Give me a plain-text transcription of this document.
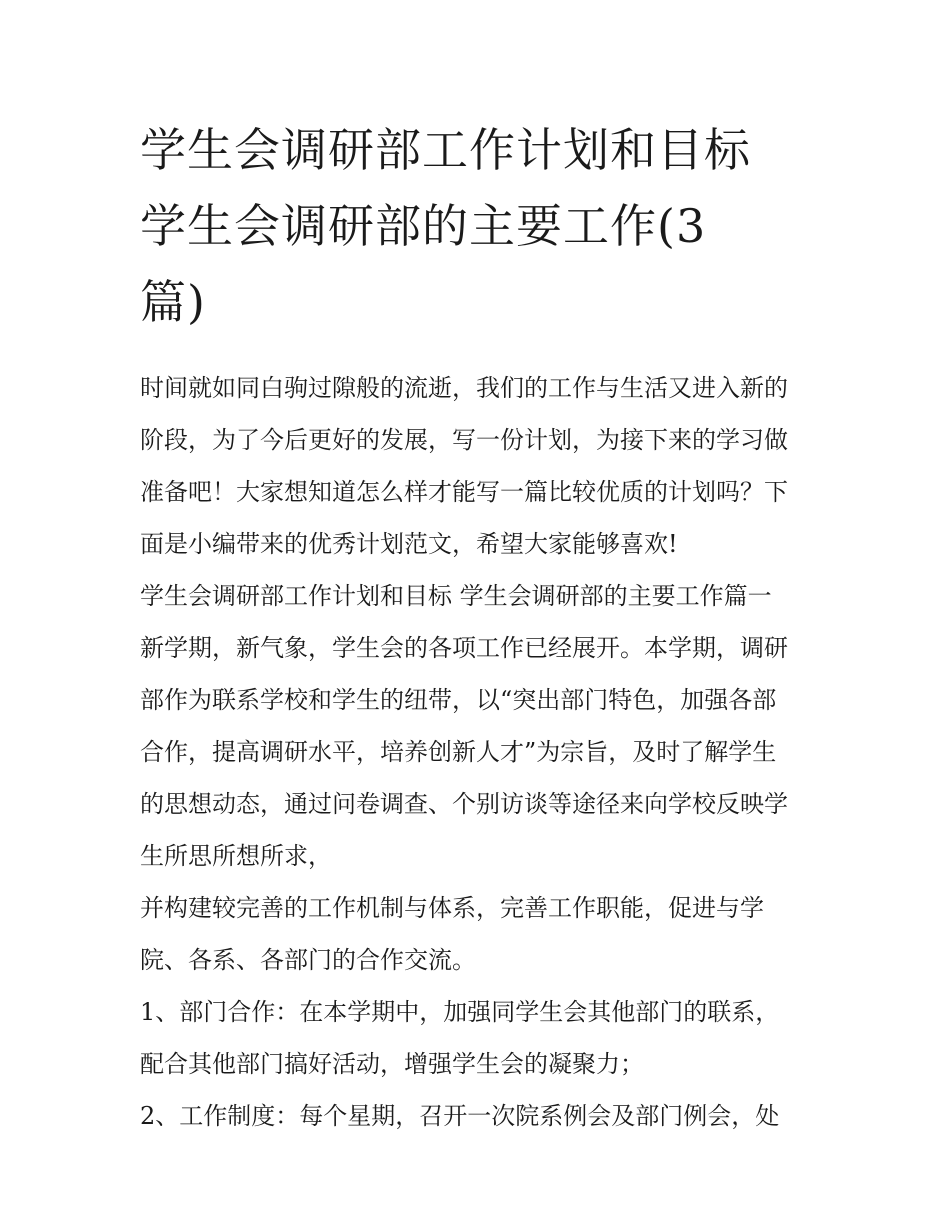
学生会调研部工作计划和目标
学生会调研部的主要工作(3
篇)

时间就如同白驹过隙般的流逝，我们的工作与生活又进入新的
阶段，为了今后更好的发展，写一份计划，为接下来的学习做
准备吧！大家想知道怎么样才能写一篇比较优质的计划吗？下
面是小编带来的优秀计划范文，希望大家能够喜欢!

学生会调研部工作计划和目标 学生会调研部的主要工作篇一

新学期，新气象，学生会的各项工作已经展开。本学期，调研
部作为联系学校和学生的纽带，以“突出部门特色，加强各部
合作，提高调研水平，培养创新人才”为宗旨，及时了解学生
的思想动态，通过问卷调查、个别访谈等途径来向学校反映学
生所思所想所求，

并构建较完善的工作机制与体系，完善工作职能，促进与学
院、各系、各部门的合作交流。

1、部门合作：在本学期中，加强同学生会其他部门的联系，
配合其他部门搞好活动，增强学生会的凝聚力；

2、工作制度：每个星期，召开一次院系例会及部门例会，处
